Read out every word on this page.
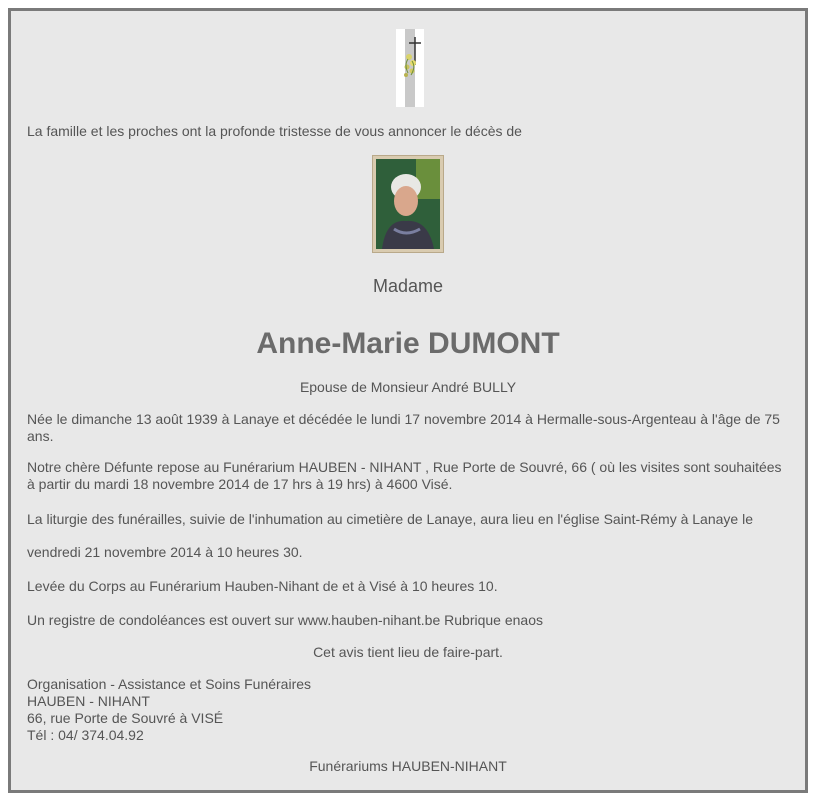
La famille et les proches ont la profonde tristesse de vous annoncer le décès de

Madame

Anne-Marie DUMONT

Epouse de Monsieur André BULLY

Née le dimanche 13 août 1939 à Lanaye et décédée le lundi 17 novembre 2014 à Hermalle-sous-Argenteau à l'âge de 75 ans.

Notre chère Défunte repose au Funérarium HAUBEN - NIHANT , Rue Porte de Souvré, 66 ( où les visites sont souhaitées à partir du mardi 18 novembre 2014 de 17 hrs à 19 hrs) à 4600 Visé.

La liturgie des funérailles, suivie de l'inhumation au cimetière de Lanaye, aura lieu en l'église Saint-Rémy à Lanaye le

vendredi 21 novembre 2014 à 10 heures 30.

Levée du Corps au Funérarium Hauben-Nihant de et à Visé à 10 heures 10.

Un registre de condoléances est ouvert sur www.hauben-nihant.be Rubrique enaos

Cet avis tient lieu de faire-part.

Organisation - Assistance et Soins Funéraires
HAUBEN - NIHANT
66, rue Porte de Souvré à VISÉ
Tél : 04/ 374.04.92

Funérariums HAUBEN-NIHANT
